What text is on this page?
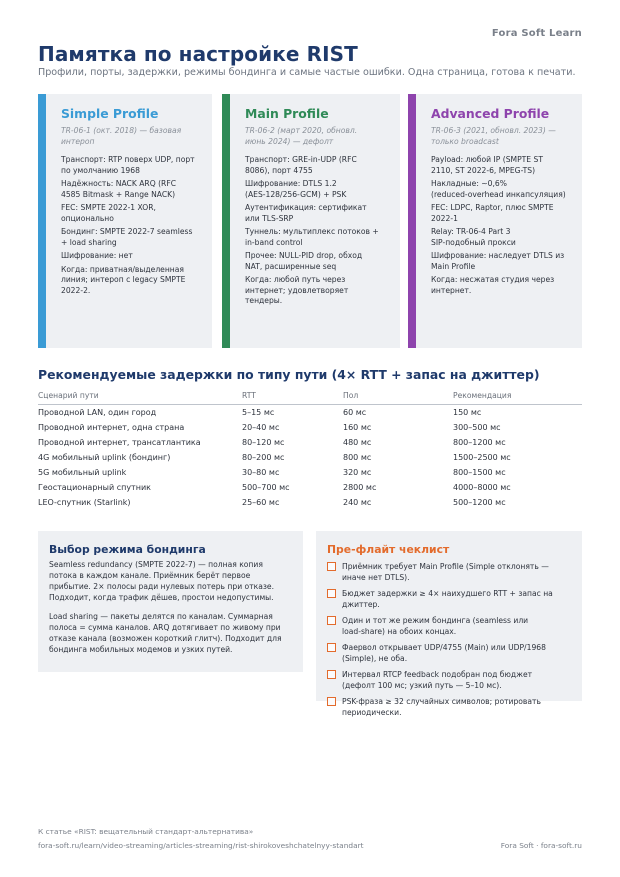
Fora Soft Learn
Памятка по настройке RIST
Профили, порты, задержки, режимы бондинга и самые частые ошибки. Одна страница, готова к печати.
Simple Profile
TR-06-1 (окт. 2018) — базовая
интероп
Транспорт: RTP поверх UDP, порт
по умолчанию 1968
Надёжность: NACK ARQ (RFC
4585 Bitmask + Range NACK)
FEC: SMPTE 2022-1 XOR,
опционально
Бондинг: SMPTE 2022-7 seamless
+ load sharing
Шифрование: нет
Когда: приватная/выделенная
линия; интероп с legacy SMPTE
2022-2.
Main Profile
TR-06-2 (март 2020, обновл.
июнь 2024) — дефолт
Транспорт: GRE-in-UDP (RFC
8086), порт 4755
Шифрование: DTLS 1.2
(AES-128/256-GCM) + PSK
Аутентификация: сертификат
или TLS-SRP
Туннель: мультиплекс потоков +
in-band control
Прочее: NULL-PID drop, обход
NAT, расширенные seq
Когда: любой путь через
интернет; удовлетворяет
тендеры.
Advanced Profile
TR-06-3 (2021, обновл. 2023) —
только broadcast
Payload: любой IP (SMPTE ST
2110, ST 2022-6, MPEG-TS)
Накладные: ~0,6%
(reduced-overhead инкапсуляция)
FEC: LDPC, Raptor, плюс SMPTE
2022-1
Relay: TR-06-4 Part 3
SIP-подобный прокси
Шифрование: наследует DTLS из
Main Profile
Когда: несжатая студия через
интернет.
Рекомендуемые задержки по типу пути (4× RTT + запас на джиттер)
Сценарий пути	RTT	Пол	Рекомендация
Проводной LAN, один город	5–15 мс	60 мс	150 мс
Проводной интернет, одна страна	20–40 мс	160 мс	300–500 мс
Проводной интернет, трансатлантика	80–120 мс	480 мс	800–1200 мс
4G мобильный uplink (бондинг)	80–200 мс	800 мс	1500–2500 мс
5G мобильный uplink	30–80 мс	320 мс	800–1500 мс
Геостационарный спутник	500–700 мс	2800 мс	4000–8000 мс
LEO-спутник (Starlink)	25–60 мс	240 мс	500–1200 мс
Выбор режима бондинга

Seamless redundancy (SMPTE 2022-7) — полная копия
потока в каждом канале. Приёмник берёт первое
прибытие. 2× полосы ради нулевых потерь при отказе.
Подходит, когда трафик дёшев, простои недопустимы.

Load sharing — пакеты делятся по каналам. Суммарная
полоса = сумма каналов. ARQ дотягивает по живому при
отказе канала (возможен короткий глитч). Подходит для
бондинга мобильных модемов и узких путей.

Пре-флайт чеклист
Приёмник требует Main Profile (Simple отклонять —
иначе нет DTLS).
Бюджет задержки ≥ 4× наихудшего RTT + запас на
джиттер.
Один и тот же режим бондинга (seamless или
load-share) на обоих концах.
Фаервол открывает UDP/4755 (Main) или UDP/1968
(Simple), не оба.
Интервал RTCP feedback подобран под бюджет
(дефолт 100 мс; узкий путь — 5–10 мс).
PSK-фраза ≥ 32 случайных символов; ротировать
периодически.
К статье «RIST: вещательный стандарт-альтернатива»
fora-soft.ru/learn/video-streaming/articles-streaming/rist-shirokoveshchatelnyy-standart	Fora Soft · fora-soft.ru
